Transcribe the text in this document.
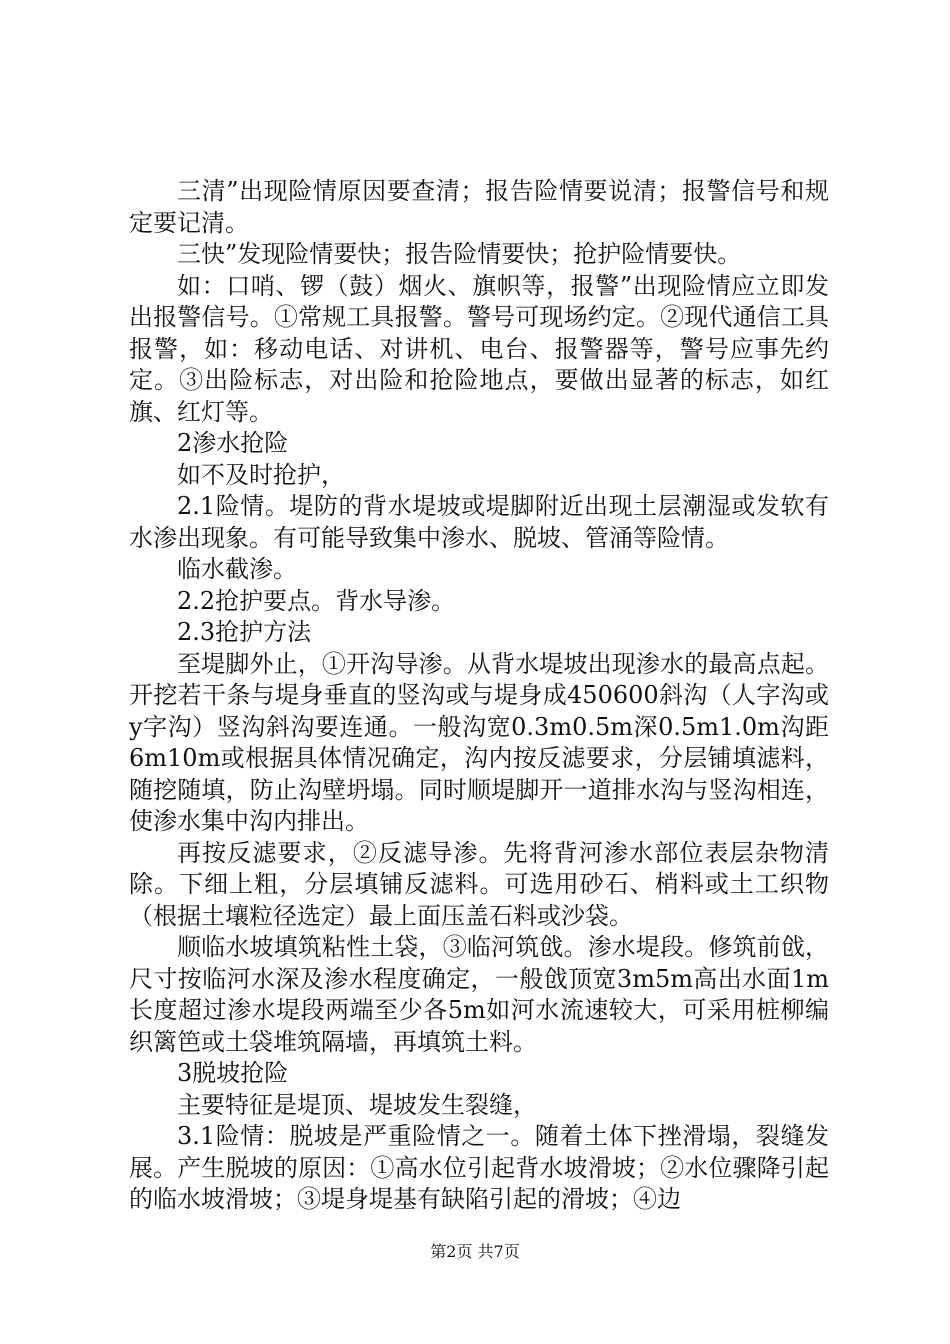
三清”出现险情原因要查清；报告险情要说清；报警信号和规定要记清。

三快”发现险情要快；报告险情要快；抢护险情要快。

如：口哨、锣（鼓）烟火、旗帜等，报警”出现险情应立即发出报警信号。①常规工具报警。警号可现场约定。②现代通信工具报警，如：移动电话、对讲机、电台、报警器等，警号应事先约定。③出险标志，对出险和抢险地点，要做出显著的标志，如红旗、红灯等。

2渗水抢险

如不及时抢护，

2.1险情。堤防的背水堤坡或堤脚附近出现土层潮湿或发软有水渗出现象。有可能导致集中渗水、脱坡、管涌等险情。

临水截渗。

2.2抢护要点。背水导渗。

2.3抢护方法

至堤脚外止，①开沟导渗。从背水堤坡出现渗水的最高点起。开挖若干条与堤身垂直的竖沟或与堤身成450600斜沟（人字沟或y字沟）竖沟斜沟要连通。一般沟宽0.3m0.5m深0.5m1.0m沟距6m10m或根据具体情况确定，沟内按反滤要求，分层铺填滤料，随挖随填，防止沟壁坍塌。同时顺堤脚开一道排水沟与竖沟相连，使渗水集中沟内排出。

再按反滤要求，②反滤导渗。先将背河渗水部位表层杂物清除。下细上粗，分层填铺反滤料。可选用砂石、梢料或土工织物（根据土壤粒径选定）最上面压盖石料或沙袋。

顺临水坡填筑粘性土袋，③临河筑戗。渗水堤段。修筑前戗，尺寸按临河水深及渗水程度确定，一般戗顶宽3m5m高出水面1m长度超过渗水堤段两端至少各5m如河水流速较大，可采用桩柳编织篱笆或土袋堆筑隔墙，再填筑土料。

3脱坡抢险

主要特征是堤顶、堤坡发生裂缝，

3.1险情：脱坡是严重险情之一。随着土体下挫滑塌，裂缝发展。产生脱坡的原因：①高水位引起背水坡滑坡；②水位骤降引起的临水坡滑坡；③堤身堤基有缺陷引起的滑坡；④边

第2页 共7页
